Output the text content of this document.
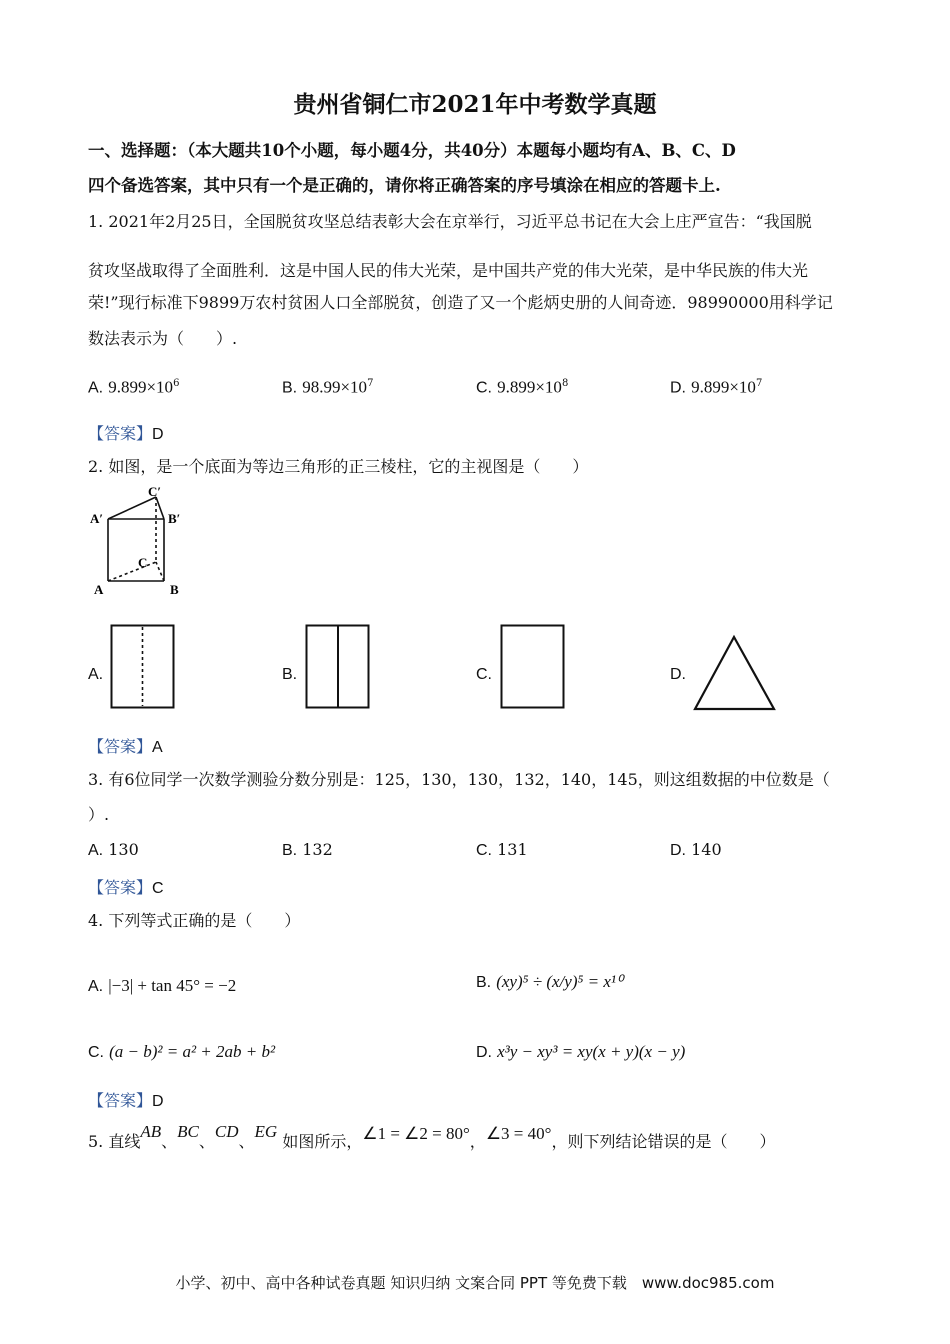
贵州省铜仁市2021年中考数学真题
一、选择题：（本大题共10个小题，每小题4分，共40分）本题每小题均有A、B、C、D
四个备选答案，其中只有一个是正确的，请你将正确答案的序号填涂在相应的答题卡上.
1. 2021年2月25日，全国脱贫攻坚总结表彰大会在京举行，习近平总书记在大会上庄严宣告：“我国脱
贫攻坚战取得了全面胜利．这是中国人民的伟大光荣，是中国共产党的伟大光荣，是中华民族的伟大光
荣!”现行标准下9899万农村贫困人口全部脱贫，创造了又一个彪炳史册的人间奇迹．98990000用科学记
数法表示为（　　）.
A. $9.899\times 10^6$	B. $98.99\times 10^7$	C. $9.899\times 10^8$	D. $9.899\times 10^7$
【答案】D
2. 如图，是一个底面为等边三角形的正三棱柱，它的主视图是（　　）
C′
A′	B′
C
A	B
A.	B.	C.	D.
【答案】A
3. 有6位同学一次数学测验分数分别是：125，130，130，132，140，145，则这组数据的中位数是（
）.
A. 130	B. 132	C. 131	D. 140
【答案】C
4. 下列等式正确的是（　　）
A. |−3| + tan 45° = −2	B. (xy)⁵ ÷ (x/y)⁵ = x¹⁰
C. (a − b)² = a² + 2ab + b²	D. x³y − xy³ = xy(x + y)(x − y)
【答案】D
5. 直线AB、BC、CD、EG 如图所示，∠1 = ∠2 = 80°，∠3 = 40°，则下列结论错误的是（　　）
小学、初中、高中各种试卷真题 知识归纳 文案合同 PPT 等免费下载　www.doc985.com
